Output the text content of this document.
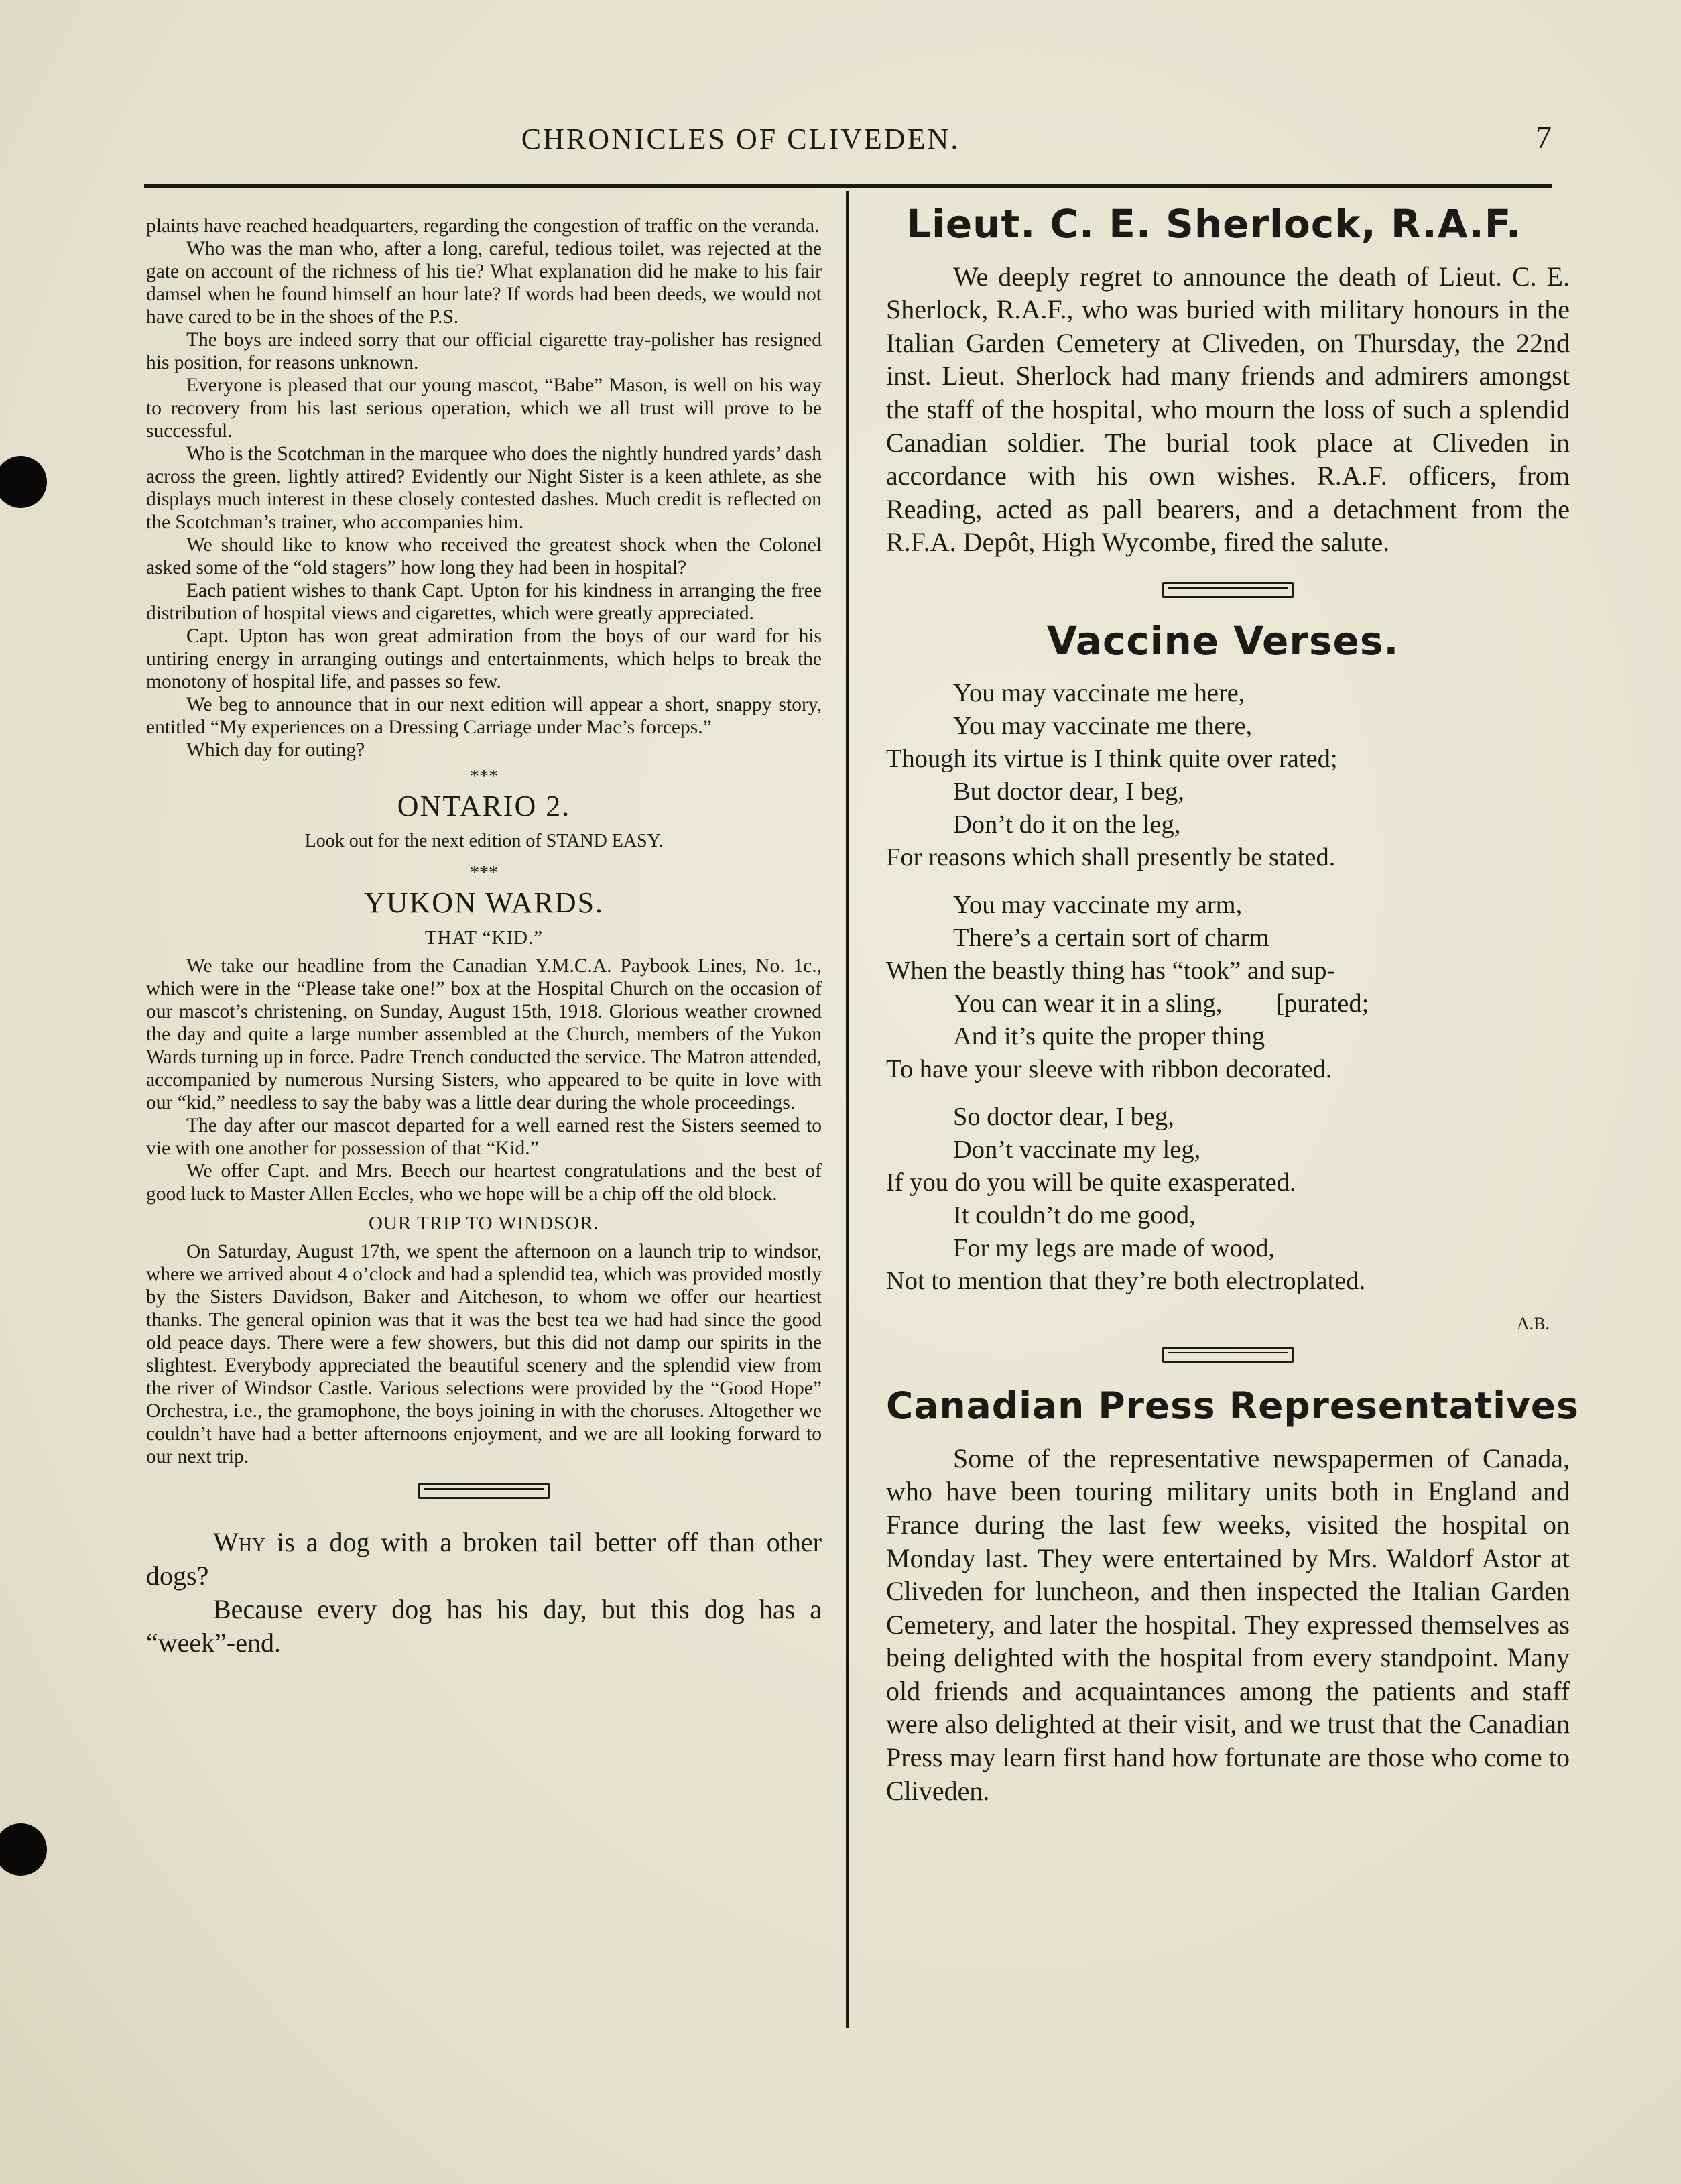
CHRONICLES OF CLIVEDEN.	7

plaints have reached headquarters, regarding the congestion of traffic on the veranda.

Who was the man who, after a long, careful, tedious toilet, was rejected at the gate on account of the richness of his tie? What explanation did he make to his fair damsel when he found himself an hour late? If words had been deeds, we would not have cared to be in the shoes of the P.S.

The boys are indeed sorry that our official cigarette tray-polisher has resigned his position, for reasons unknown.

Everyone is pleased that our young mascot, “Babe” Mason, is well on his way to recovery from his last serious operation, which we all trust will prove to be successful.

Who is the Scotchman in the marquee who does the nightly hundred yards’ dash across the green, lightly attired? Evidently our Night Sister is a keen athlete, as she displays much interest in these closely contested dashes. Much credit is reflected on the Scotchman’s trainer, who accompanies him.

We should like to know who received the greatest shock when the Colonel asked some of the “old stagers” how long they had been in hospital?

Each patient wishes to thank Capt. Upton for his kindness in arranging the free distribution of hospital views and cigarettes, which were greatly appreciated.

Capt. Upton has won great admiration from the boys of our ward for his untiring energy in arranging outings and entertainments, which helps to break the monotony of hospital life, and passes so few.

We beg to announce that in our next edition will appear a short, snappy story, entitled “My experiences on a Dressing Carriage under Mac’s forceps.”

Which day for outing?

***
ONTARIO 2.
Look out for the next edition of STAND EASY.
***
YUKON WARDS.
THAT “KID.”

We take our headline from the Canadian Y.M.C.A. Paybook Lines, No. 1c., which were in the “Please take one!” box at the Hospital Church on the occasion of our mascot’s christening, on Sunday, August 15th, 1918. Glorious weather crowned the day and quite a large number assembled at the Church, members of the Yukon Wards turning up in force. Padre Trench conducted the service. The Matron attended, accompanied by numerous Nursing Sisters, who appeared to be quite in love with our “kid,” needless to say the baby was a little dear during the whole proceedings.

The day after our mascot departed for a well earned rest the Sisters seemed to vie with one another for possession of that “Kid.”

We offer Capt. and Mrs. Beech our heartest congratulations and the best of good luck to Master Allen Eccles, who we hope will be a chip off the old block.

OUR TRIP TO WINDSOR.

On Saturday, August 17th, we spent the afternoon on a launch trip to windsor, where we arrived about 4 o’clock and had a splendid tea, which was provided mostly by the Sisters Davidson, Baker and Aitcheson, to whom we offer our heartiest thanks. The general opinion was that it was the best tea we had had since the good old peace days. There were a few showers, but this did not damp our spirits in the slightest. Everybody appreciated the beautiful scenery and the splendid view from the river of Windsor Castle. Various selections were provided by the “Good Hope” Orchestra, i.e., the gramophone, the boys joining in with the choruses. Altogether we couldn’t have had a better afternoons enjoyment, and we are all looking forward to our next trip.

Why is a dog with a broken tail better off than other dogs?

Because every dog has his day, but this dog has a “week”-end.

Lieut. C. E. Sherlock, R.A.F.

We deeply regret to announce the death of Lieut. C. E. Sherlock, R.A.F., who was buried with military honours in the Italian Garden Cemetery at Cliveden, on Thursday, the 22nd inst. Lieut. Sherlock had many friends and admirers amongst the staff of the hospital, who mourn the loss of such a splendid Canadian soldier. The burial took place at Cliveden in accordance with his own wishes. R.A.F. officers, from Reading, acted as pall bearers, and a detachment from the R.F.A. Depôt, High Wycombe, fired the salute.

Vaccine Verses.
You may vaccinate me here,
You may vaccinate me there,
Though its virtue is I think quite over rated;
But doctor dear, I beg,
Don’t do it on the leg,
For reasons which shall presently be stated.
You may vaccinate my arm,
There’s a certain sort of charm
When the beastly thing has “took” and sup-
You can wear it in a sling, [purated;
And it’s quite the proper thing
To have your sleeve with ribbon decorated.
So doctor dear, I beg,
Don’t vaccinate my leg,
If you do you will be quite exasperated.
It couldn’t do me good,
For my legs are made of wood,
Not to mention that they’re both electroplated.
A.B.
Canadian Press Representatives

Some of the representative newspapermen of Canada, who have been touring military units both in England and France during the last few weeks, visited the hospital on Monday last. They were entertained by Mrs. Waldorf Astor at Cliveden for luncheon, and then inspected the Italian Garden Cemetery, and later the hospital. They expressed themselves as being delighted with the hospital from every standpoint. Many old friends and acquaintances among the patients and staff were also delighted at their visit, and we trust that the Canadian Press may learn first hand how fortunate are those who come to Cliveden.
